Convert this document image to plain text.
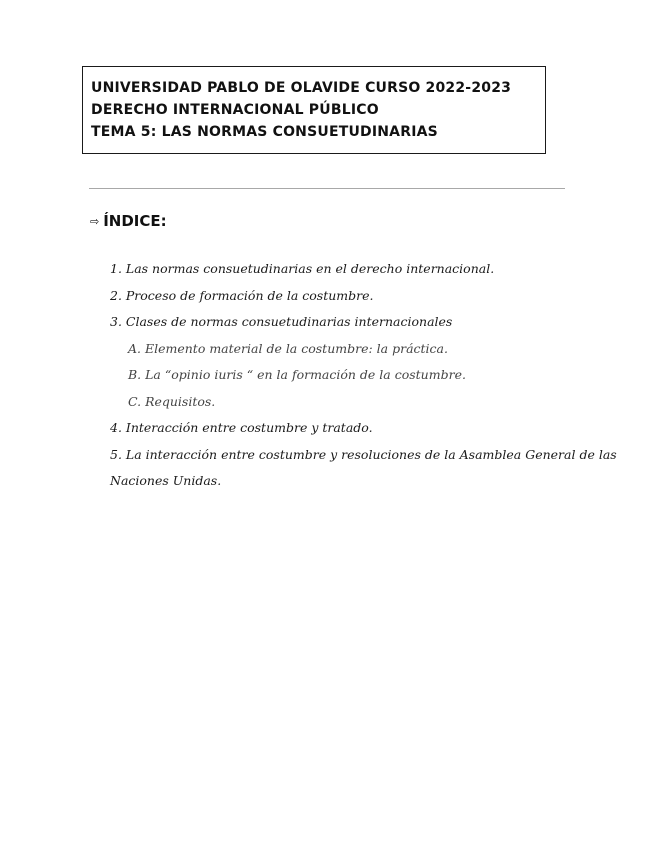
UNIVERSIDAD PABLO DE OLAVIDE CURSO 2022-2023
DERECHO INTERNACIONAL PÚBLICO
TEMA 5: LAS NORMAS CONSUETUDINARIAS
⇨ ÍNDICE:
1. Las normas consuetudinarias en el derecho internacional.
2. Proceso de formación de la costumbre.
3. Clases de normas consuetudinarias internacionales
A. Elemento material de la costumbre: la práctica.
B. La “opinio iuris “ en la formación de la costumbre.
C. Requisitos.
4. Interacción entre costumbre y tratado.
5. La interacción entre costumbre y resoluciones de la Asamblea General de las
Naciones Unidas.
